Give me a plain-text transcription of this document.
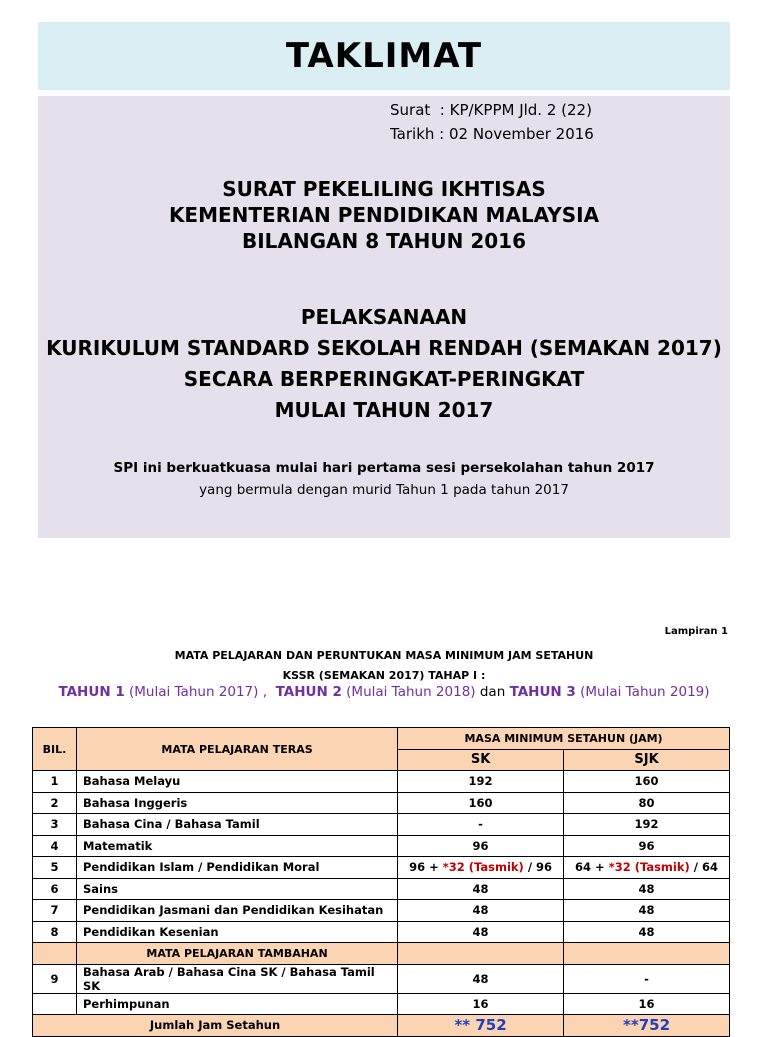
TAKLIMAT
Surat  : KP/KPPM Jld. 2 (22)
Tarikh : 02 November 2016
SURAT PEKELILING IKHTISAS
KEMENTERIAN PENDIDIKAN MALAYSIA
BILANGAN 8 TAHUN 2016
PELAKSANAAN
KURIKULUM STANDARD SEKOLAH RENDAH (SEMAKAN 2017)
SECARA BERPERINGKAT-PERINGKAT
MULAI TAHUN 2017
SPI ini berkuatkuasa mulai hari pertama sesi persekolahan tahun 2017
yang bermula dengan murid Tahun 1 pada tahun 2017
Lampiran 1
MATA PELAJARAN DAN PERUNTUKAN MASA MINIMUM JAM SETAHUN
KSSR (SEMAKAN 2017) TAHAP I :
TAHUN 1 (Mulai Tahun 2017) ,  TAHUN 2 (Mulai Tahun 2018) dan TAHUN 3 (Mulai Tahun 2019)
BIL.	MATA PELAJARAN TERAS	MASA MINIMUM SETAHUN (JAM)	
		SK	SJK
1	Bahasa Melayu	192	160
2	Bahasa Inggeris	160	80
3	Bahasa Cina / Bahasa Tamil	-	192
4	Matematik	96	96
5	Pendidikan Islam / Pendidikan Moral	96 + *32 (Tasmik) / 96	64 + *32 (Tasmik) / 64
6	Sains	48	48
7	Pendidikan Jasmani dan Pendidikan Kesihatan	48	48
8	Pendidikan Kesenian	48	48
	MATA PELAJARAN TAMBAHAN		
9	Bahasa Arab / Bahasa Cina SK / Bahasa Tamil SK	48	-
	Perhimpunan	16	16
Jumlah Jam Setahun		** 752	**752
